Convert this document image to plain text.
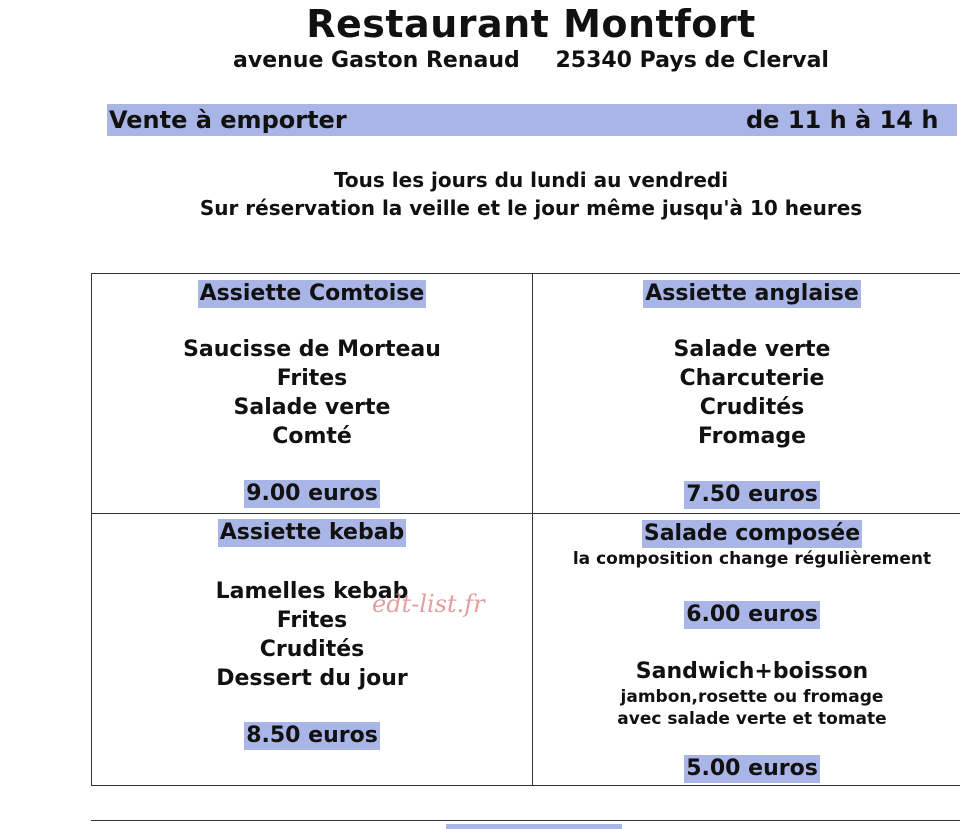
Restaurant Montfort
avenue Gaston Renaud 25340 Pays de Clerval
Vente à emporter	de 11 h à 14 h
Tous les jours du lundi au vendredi
Sur réservation la veille et le jour même jusqu'à 10 heures
Assiette Comtoise
Saucisse de Morteau
Frites
Salade verte
Comté
9.00 euros
Assiette anglaise
Salade verte
Charcuterie
Crudités
Fromage
7.50 euros
Assiette kebab
Lamelles kebab
Frites
Crudités
Dessert du jour
8.50 euros
Salade composée
la composition change régulièrement
6.00 euros
Sandwich+boisson
jambon,rosette ou fromage
avec salade verte et tomate
5.00 euros
edt-list.fr
